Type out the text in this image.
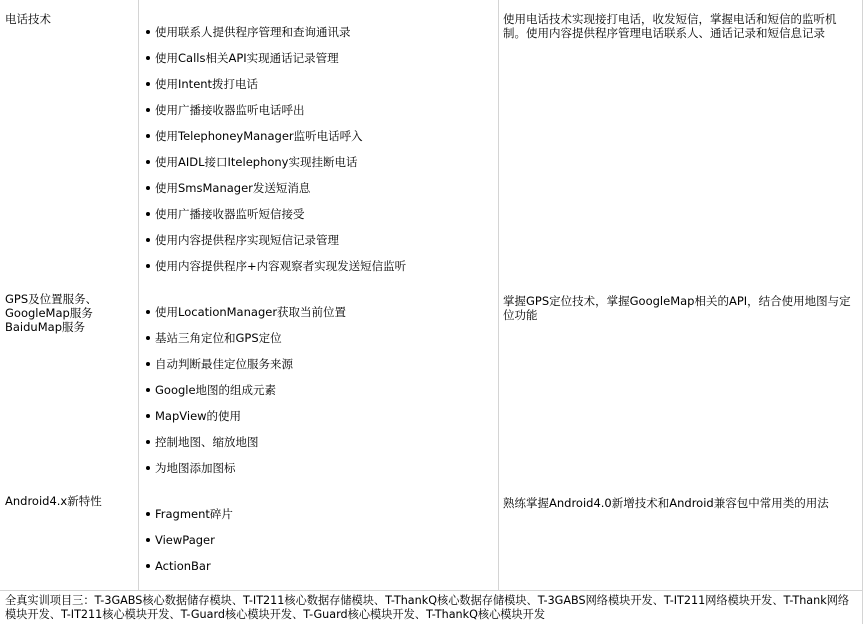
电话技术
使用联系人提供程序管理和查询通讯录
使用Calls相关API实现通话记录管理
使用Intent拨打电话
使用广播接收器监听电话呼出
使用TelephoneyManager监听电话呼入
使用AIDL接口Itelephony实现挂断电话
使用SmsManager发送短消息
使用广播接收器监听短信接受
使用内容提供程序实现短信记录管理
使用内容提供程序+内容观察者实现发送短信监听
使用电话技术实现接打电话，收发短信，掌握电话和短信的监听机制。使用内容提供程序管理电话联系人、通话记录和短信息记录
GPS及位置服务、
GoogleMap服务
BaiduMap服务
使用LocationManager获取当前位置
基站三角定位和GPS定位
自动判断最佳定位服务来源
Google地图的组成元素
MapView的使用
控制地图、缩放地图
为地图添加图标
掌握GPS定位技术，掌握GoogleMap相关的API，结合使用地图与定位功能
Android4.x新特性
Fragment碎片
ViewPager
ActionBar
熟练掌握Android4.0新增技术和Android兼容包中常用类的用法
全真实训项目三：T-3GABS核心数据储存模块、T-IT211核心数据存储模块、T-ThankQ核心数据存储模块、T-3GABS网络模块开发、T-IT211网络模块开发、T-Thank网络模块开发、T-IT211核心模块开发、T-Guard核心模块开发、T-Guard核心模块开发、T-ThankQ核心模块开发
